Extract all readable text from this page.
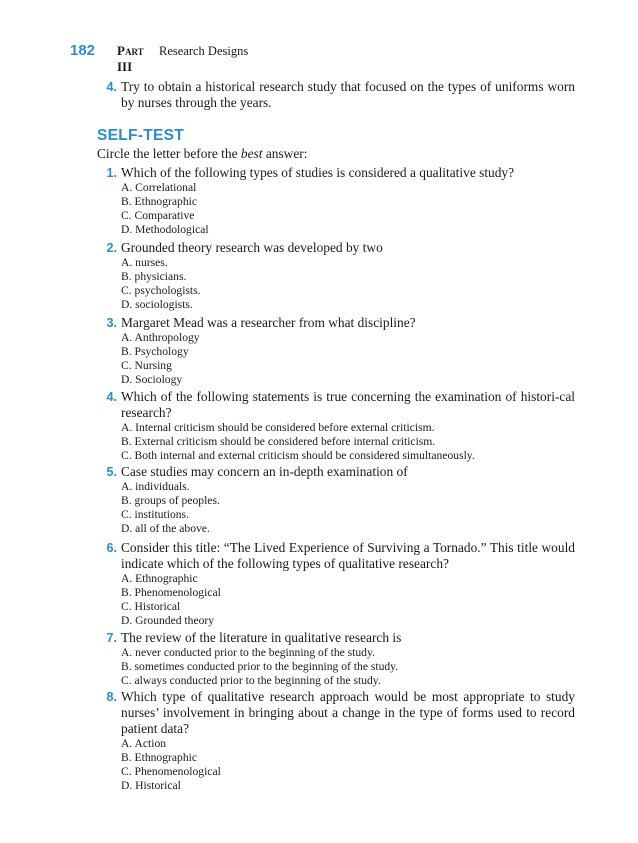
182	Part III
Research Designs
4. Try to obtain a historical research study that focused on the types of uniforms worn by nurses through the years.
SELF-TEST
Circle the letter before the best answer:
1. Which of the following types of studies is considered a qualitative study?
A. Correlational
B. Ethnographic
C. Comparative
D. Methodological
2. Grounded theory research was developed by two
A. nurses.
B. physicians.
C. psychologists.
D. sociologists.
3. Margaret Mead was a researcher from what discipline?
A. Anthropology
B. Psychology
C. Nursing
D. Sociology
4. Which of the following statements is true concerning the examination of histori-cal research?
A. Internal criticism should be considered before external criticism.
B. External criticism should be considered before internal criticism.
C. Both internal and external criticism should be considered simultaneously.
5. Case studies may concern an in-depth examination of
A. individuals.
B. groups of peoples.
C. institutions.
D. all of the above.
6. Consider this title: “The Lived Experience of Surviving a Tornado.” This title would indicate which of the following types of qualitative research?
A. Ethnographic
B. Phenomenological
C. Historical
D. Grounded theory
7. The review of the literature in qualitative research is
A. never conducted prior to the beginning of the study.
B. sometimes conducted prior to the beginning of the study.
C. always conducted prior to the beginning of the study.
8. Which type of qualitative research approach would be most appropriate to study nurses’ involvement in bringing about a change in the type of forms used to record patient data?
A. Action
B. Ethnographic
C. Phenomenological
D. Historical
